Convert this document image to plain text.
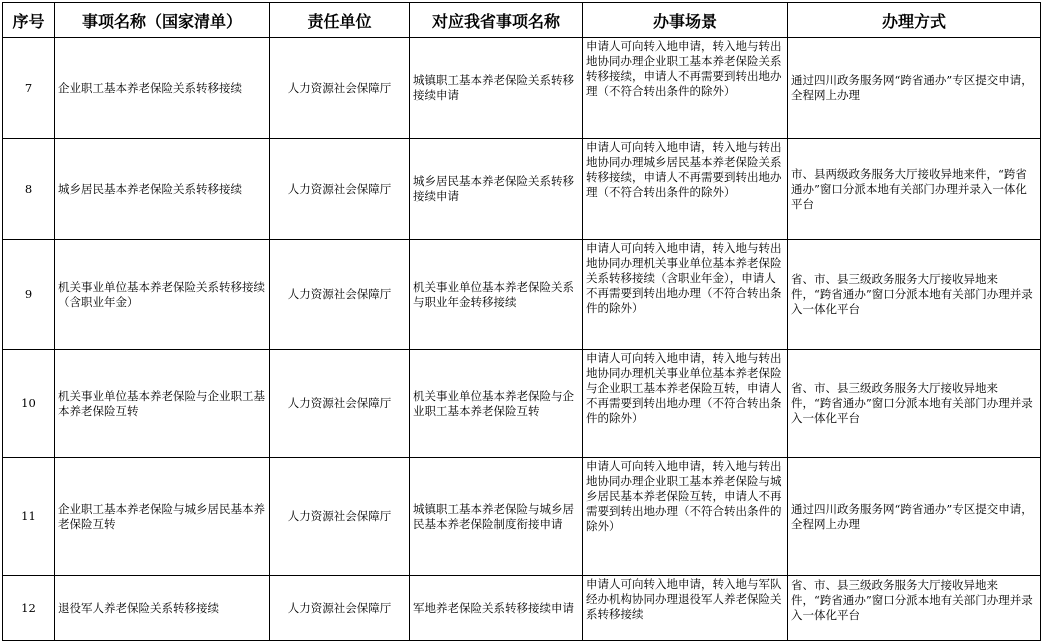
序号	事项名称（国家清单）	责任单位	对应我省事项名称	办事场景	办理方式
7	企业职工基本养老保险关系转移接续	人力资源社会保障厅	城镇职工基本养老保险关系转移接续申请	申请人可向转入地申请，转入地与转出地协同办理企业职工基本养老保险关系转移接续，申请人不再需要到转出地办理（不符合转出条件的除外）	通过四川政务服务网“跨省通办”专区提交申请，全程网上办理
8	城乡居民基本养老保险关系转移接续	人力资源社会保障厅	城乡居民基本养老保险关系转移接续申请	申请人可向转入地申请，转入地与转出地协同办理城乡居民基本养老保险关系转移接续，申请人不再需要到转出地办理（不符合转出条件的除外）	市、县两级政务服务大厅接收异地来件，“跨省通办”窗口分派本地有关部门办理并录入一体化平台
9	机关事业单位基本养老保险关系转移接续（含职业年金）	人力资源社会保障厅	机关事业单位基本养老保险关系与职业年金转移接续	申请人可向转入地申请，转入地与转出地协同办理机关事业单位基本养老保险关系转移接续（含职业年金），申请人不再需要到转出地办理（不符合转出条件的除外）	省、市、县三级政务服务大厅接收异地来件，“跨省通办”窗口分派本地有关部门办理并录入一体化平台
10	机关事业单位基本养老保险与企业职工基本养老保险互转	人力资源社会保障厅	机关事业单位基本养老保险与企业职工基本养老保险互转	申请人可向转入地申请，转入地与转出地协同办理机关事业单位基本养老保险与企业职工基本养老保险互转，申请人不再需要到转出地办理（不符合转出条件的除外）	省、市、县三级政务服务大厅接收异地来件，“跨省通办”窗口分派本地有关部门办理并录入一体化平台
11	企业职工基本养老保险与城乡居民基本养老保险互转	人力资源社会保障厅	城镇职工基本养老保险与城乡居民基本养老保险制度衔接申请	申请人可向转入地申请，转入地与转出地协同办理企业职工基本养老保险与城乡居民基本养老保险互转，申请人不再需要到转出地办理（不符合转出条件的除外）	通过四川政务服务网“跨省通办”专区提交申请，全程网上办理
12	退役军人养老保险关系转移接续	人力资源社会保障厅	军地养老保险关系转移接续申请	申请人可向转入地申请，转入地与军队经办机构协同办理退役军人养老保险关系转移接续	省、市、县三级政务服务大厅接收异地来件，“跨省通办”窗口分派本地有关部门办理并录入一体化平台
